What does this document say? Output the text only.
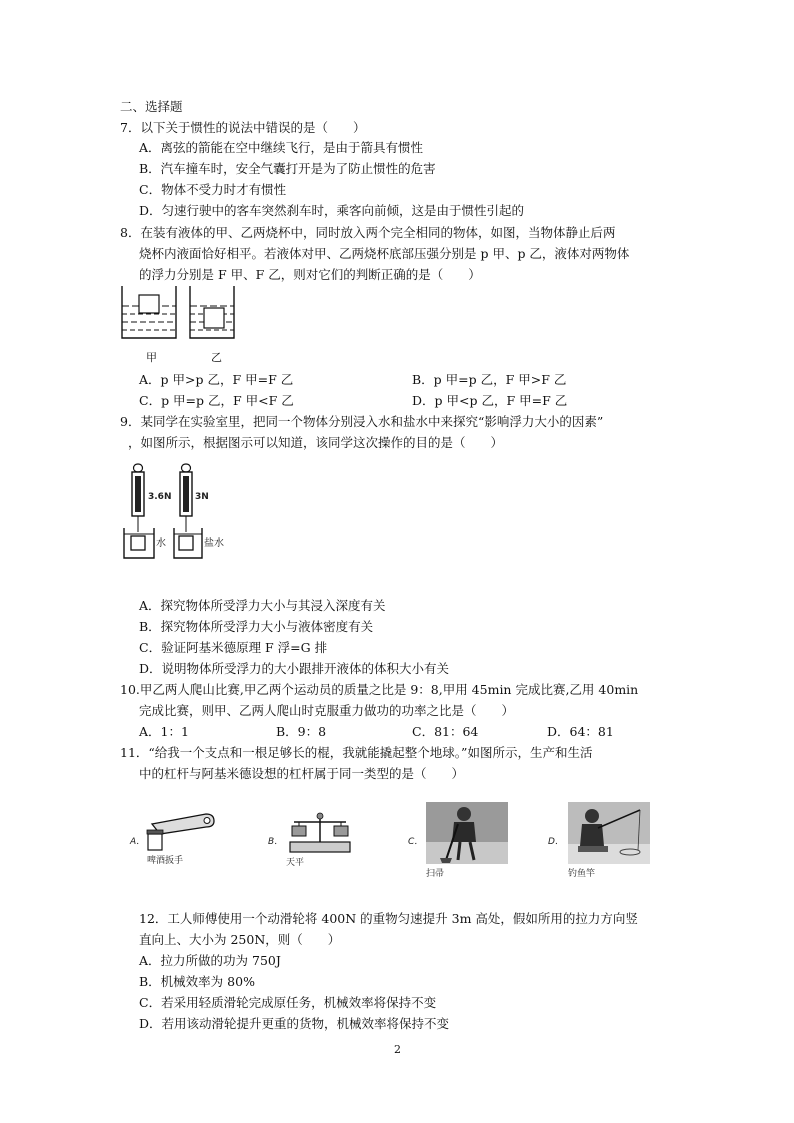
二、选择题
7．以下关于惯性的说法中错误的是（　　）
A．离弦的箭能在空中继续飞行，是由于箭具有惯性
B．汽车撞车时，安全气囊打开是为了防止惯性的危害
C．物体不受力时才有惯性
D．匀速行驶中的客车突然刹车时，乘客向前倾，这是由于惯性引起的
8．在装有液体的甲、乙两烧杯中，同时放入两个完全相同的物体，如图，当物体静止后两
烧杯内液面恰好相平。若液体对甲、乙两烧杯底部压强分别是 p 甲、p 乙，液体对两物体
的浮力分别是 F 甲、F 乙，则对它们的判断正确的是（　　）
甲	乙
A．p 甲>p 乙，F 甲=F 乙	B．p 甲=p 乙，F 甲>F 乙
C．p 甲=p 乙，F 甲<F 乙	D．p 甲<p 乙，F 甲=F 乙
9．某同学在实验室里，把同一个物体分别浸入水和盐水中来探究“影响浮力大小的因素”
，如图所示，根据图示可以知道，该同学这次操作的目的是（　　）
3.6N	3N
水	盐水
A．探究物体所受浮力大小与其浸入深度有关
B．探究物体所受浮力大小与液体密度有关
C．验证阿基米德原理 F 浮=G 排
D．说明物体所受浮力的大小跟排开液体的体积大小有关
10.甲乙两人爬山比赛,甲乙两个运动员的质量之比是 9：8,甲用 45min 完成比赛,乙用 40min
完成比赛，则甲、乙两人爬山时克服重力做功的功率之比是（　　）
A．1：1	B．9：8	C．81：64	D．64：81
11．“给我一个支点和一根足够长的棍，我就能撬起整个地球。”如图所示，生产和生活
中的杠杆与阿基米德设想的杠杆属于同一类型的是（　　）
A．
啤酒扳手
B．
天平
C．
扫帚
D．
钓鱼竿
12．工人师傅使用一个动滑轮将 400N 的重物匀速提升 3m 高处，假如所用的拉力方向竖
直向上、大小为 250N，则（　　）
A．拉力所做的功为 750J
B．机械效率为 80%
C．若采用轻质滑轮完成原任务，机械效率将保持不变
D．若用该动滑轮提升更重的货物，机械效率将保持不变
2
